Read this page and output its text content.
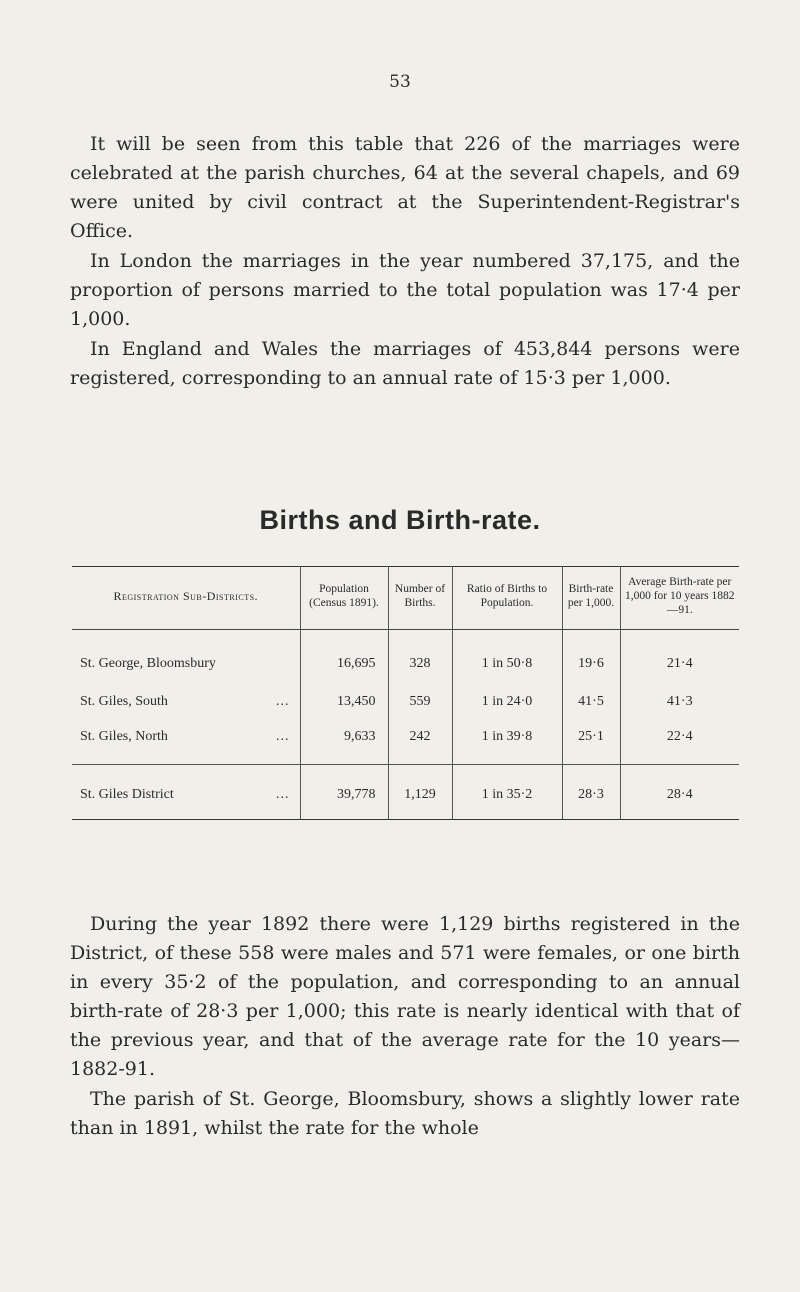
53

It will be seen from this table that 226 of the marriages were celebrated at the parish churches, 64 at the several chapels, and 69 were united by civil contract at the Superintendent-Registrar's Office.

In London the marriages in the year numbered 37,175, and the proportion of persons married to the total population was 17·4 per 1,000.

In England and Wales the marriages of 453,844 persons were registered, corresponding to an annual rate of 15·3 per 1,000.

Births and Birth-rate.
Registration Sub-Districts.	Population (Census 1891).	Number of Births.	Ratio of Births to Population.	Birth-rate per 1,000.	Average Birth-rate per 1,000 for 10 years 1882—91.
St. George, Bloomsbury	16,695	328	1 in 50·8	19·6	21·4
St. Giles, South ...	13,450	559	1 in 24·0	41·5	41·3
St. Giles, North ...	9,633	242	1 in 39·8	25·1	22·4

St. Giles District ...	39,778	1,129	1 in 35·2	28·3	28·4

During the year 1892 there were 1,129 births registered in the District, of these 558 were males and 571 were females, or one birth in every 35·2 of the population, and corresponding to an annual birth-rate of 28·3 per 1,000; this rate is nearly identical with that of the previous year, and that of the average rate for the 10 years—1882-91.

The parish of St. George, Bloomsbury, shows a slightly lower rate than in 1891, whilst the rate for the whole
